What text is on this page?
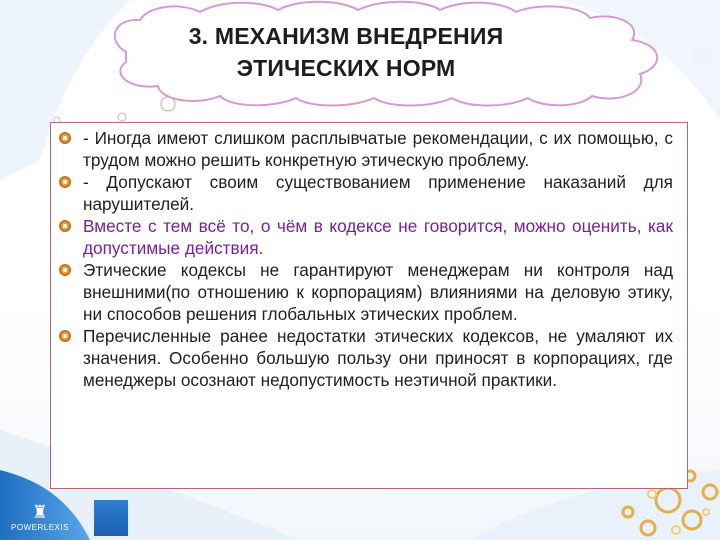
♜
POWERLEXIS
3. МЕХАНИЗМ ВНЕДРЕНИЯ
ЭТИЧЕСКИХ НОРМ
- Иногда имеют слишком расплывчатые рекомендации, с их помощью, с трудом можно решить конкретную этическую проблему.
- Допускают своим существованием применение наказаний для нарушителей.
Вместе с тем всё то, о чём в кодексе не говорится, можно оценить, как допустимые действия.
Этические кодексы не гарантируют менеджерам ни контроля над внешними(по отношению к корпорациям) влияниями на деловую этику, ни способов решения глобальных этических проблем.
Перечисленные ранее недостатки этических кодексов, не умаляют их значения. Особенно большую пользу они приносят в корпорациях, где менеджеры осознают недопустимость неэтичной практики.
